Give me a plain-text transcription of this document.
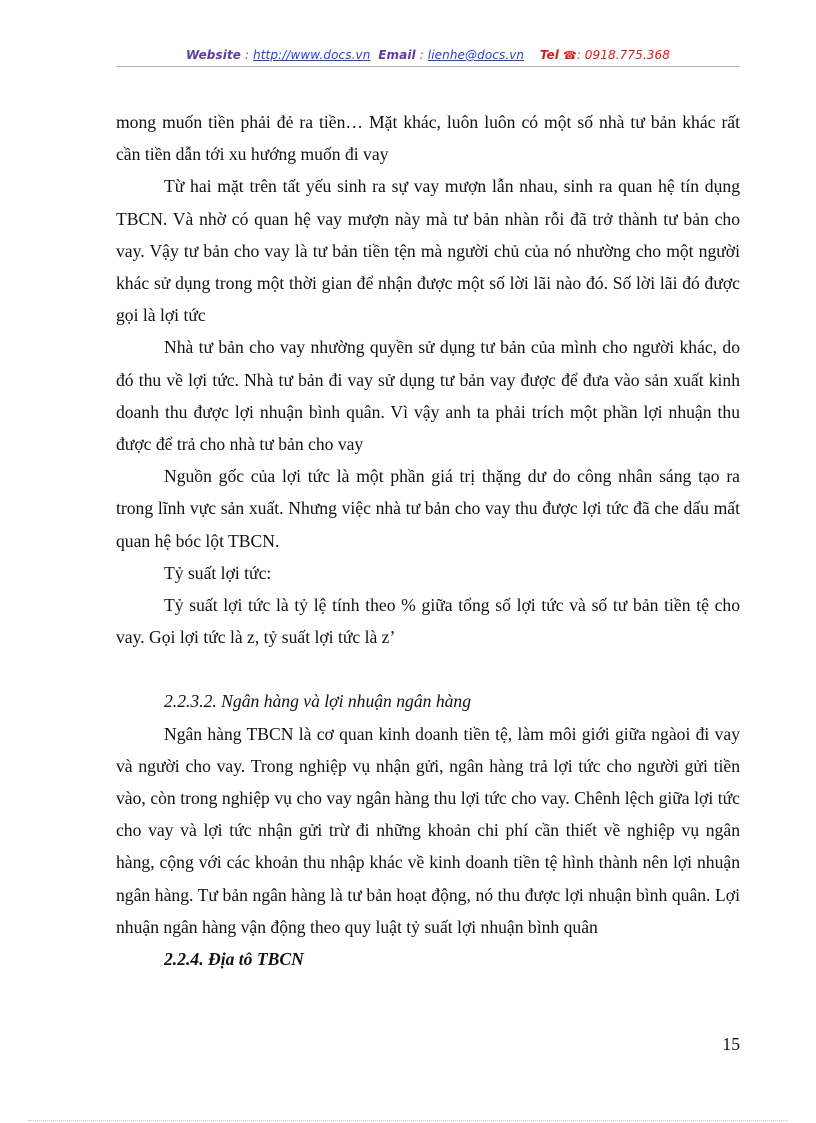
Website : http://www.docs.vn Email : lienhe@docs.vn Tel ☎: 0918.775.368

mong muốn tiền phải đẻ ra tiền… Mặt khác, luôn luôn có một số nhà tư bản khác rất cần tiền dẫn tới xu hướng muốn đi vay

Từ hai mặt trên tất yếu sinh ra sự vay mượn lẫn nhau, sinh ra quan hệ tín dụng TBCN. Và nhờ có quan hệ vay mượn này mà tư bản nhàn rỗi đã trở thành tư bản cho vay. Vậy tư bản cho vay là tư bản tiền tện mà người chủ của nó nhường cho một người khác sử dụng trong một thời gian để nhận được một số lời lãi nào đó. Số lời lãi đó được gọi là lợi tức

Nhà tư bản cho vay nhường quyền sử dụng tư bản của mình cho người khác, do đó thu về lợi tức. Nhà tư bản đi vay sử dụng tư bản vay được để đưa vào sản xuất kinh doanh thu được lợi nhuận bình quân. Vì vậy anh ta phải trích một phần lợi nhuận thu được để trả cho nhà tư bản cho vay

Nguồn gốc của lợi tức là một phần giá trị thặng dư do công nhân sáng tạo ra trong lĩnh vực sản xuất. Nhưng việc nhà tư bản cho vay thu được lợi tức đã che dấu mất quan hệ bóc lột TBCN.

Tỷ suất lợi tức:

Tỷ suất lợi tức là tỷ lệ tính theo % giữa tổng số lợi tức và số tư bản tiền tệ cho vay. Gọi lợi tức là z, tỷ suất lợi tức là z’

2.2.3.2. Ngân hàng và lợi nhuận ngân hàng

Ngân hàng TBCN là cơ quan kinh doanh tiền tệ, làm môi giới giữa ngàoi đi vay và người cho vay. Trong nghiệp vụ nhận gửi, ngân hàng trả lợi tức cho người gửi tiền vào, còn trong nghiệp vụ cho vay ngân hàng thu lợi tức cho vay. Chênh lệch giữa lợi tức cho vay và lợi tức nhận gửi trừ đi những khoản chi phí cần thiết về nghiệp vụ ngân hàng, cộng với các khoản thu nhập khác về kinh doanh tiền tệ hình thành nên lợi nhuận ngân hàng. Tư bản ngân hàng là tư bản hoạt động, nó thu được lợi nhuận bình quân. Lợi nhuận ngân hàng vận động theo quy luật tỷ suất lợi nhuận bình quân

2.2.4. Địa tô TBCN

15
